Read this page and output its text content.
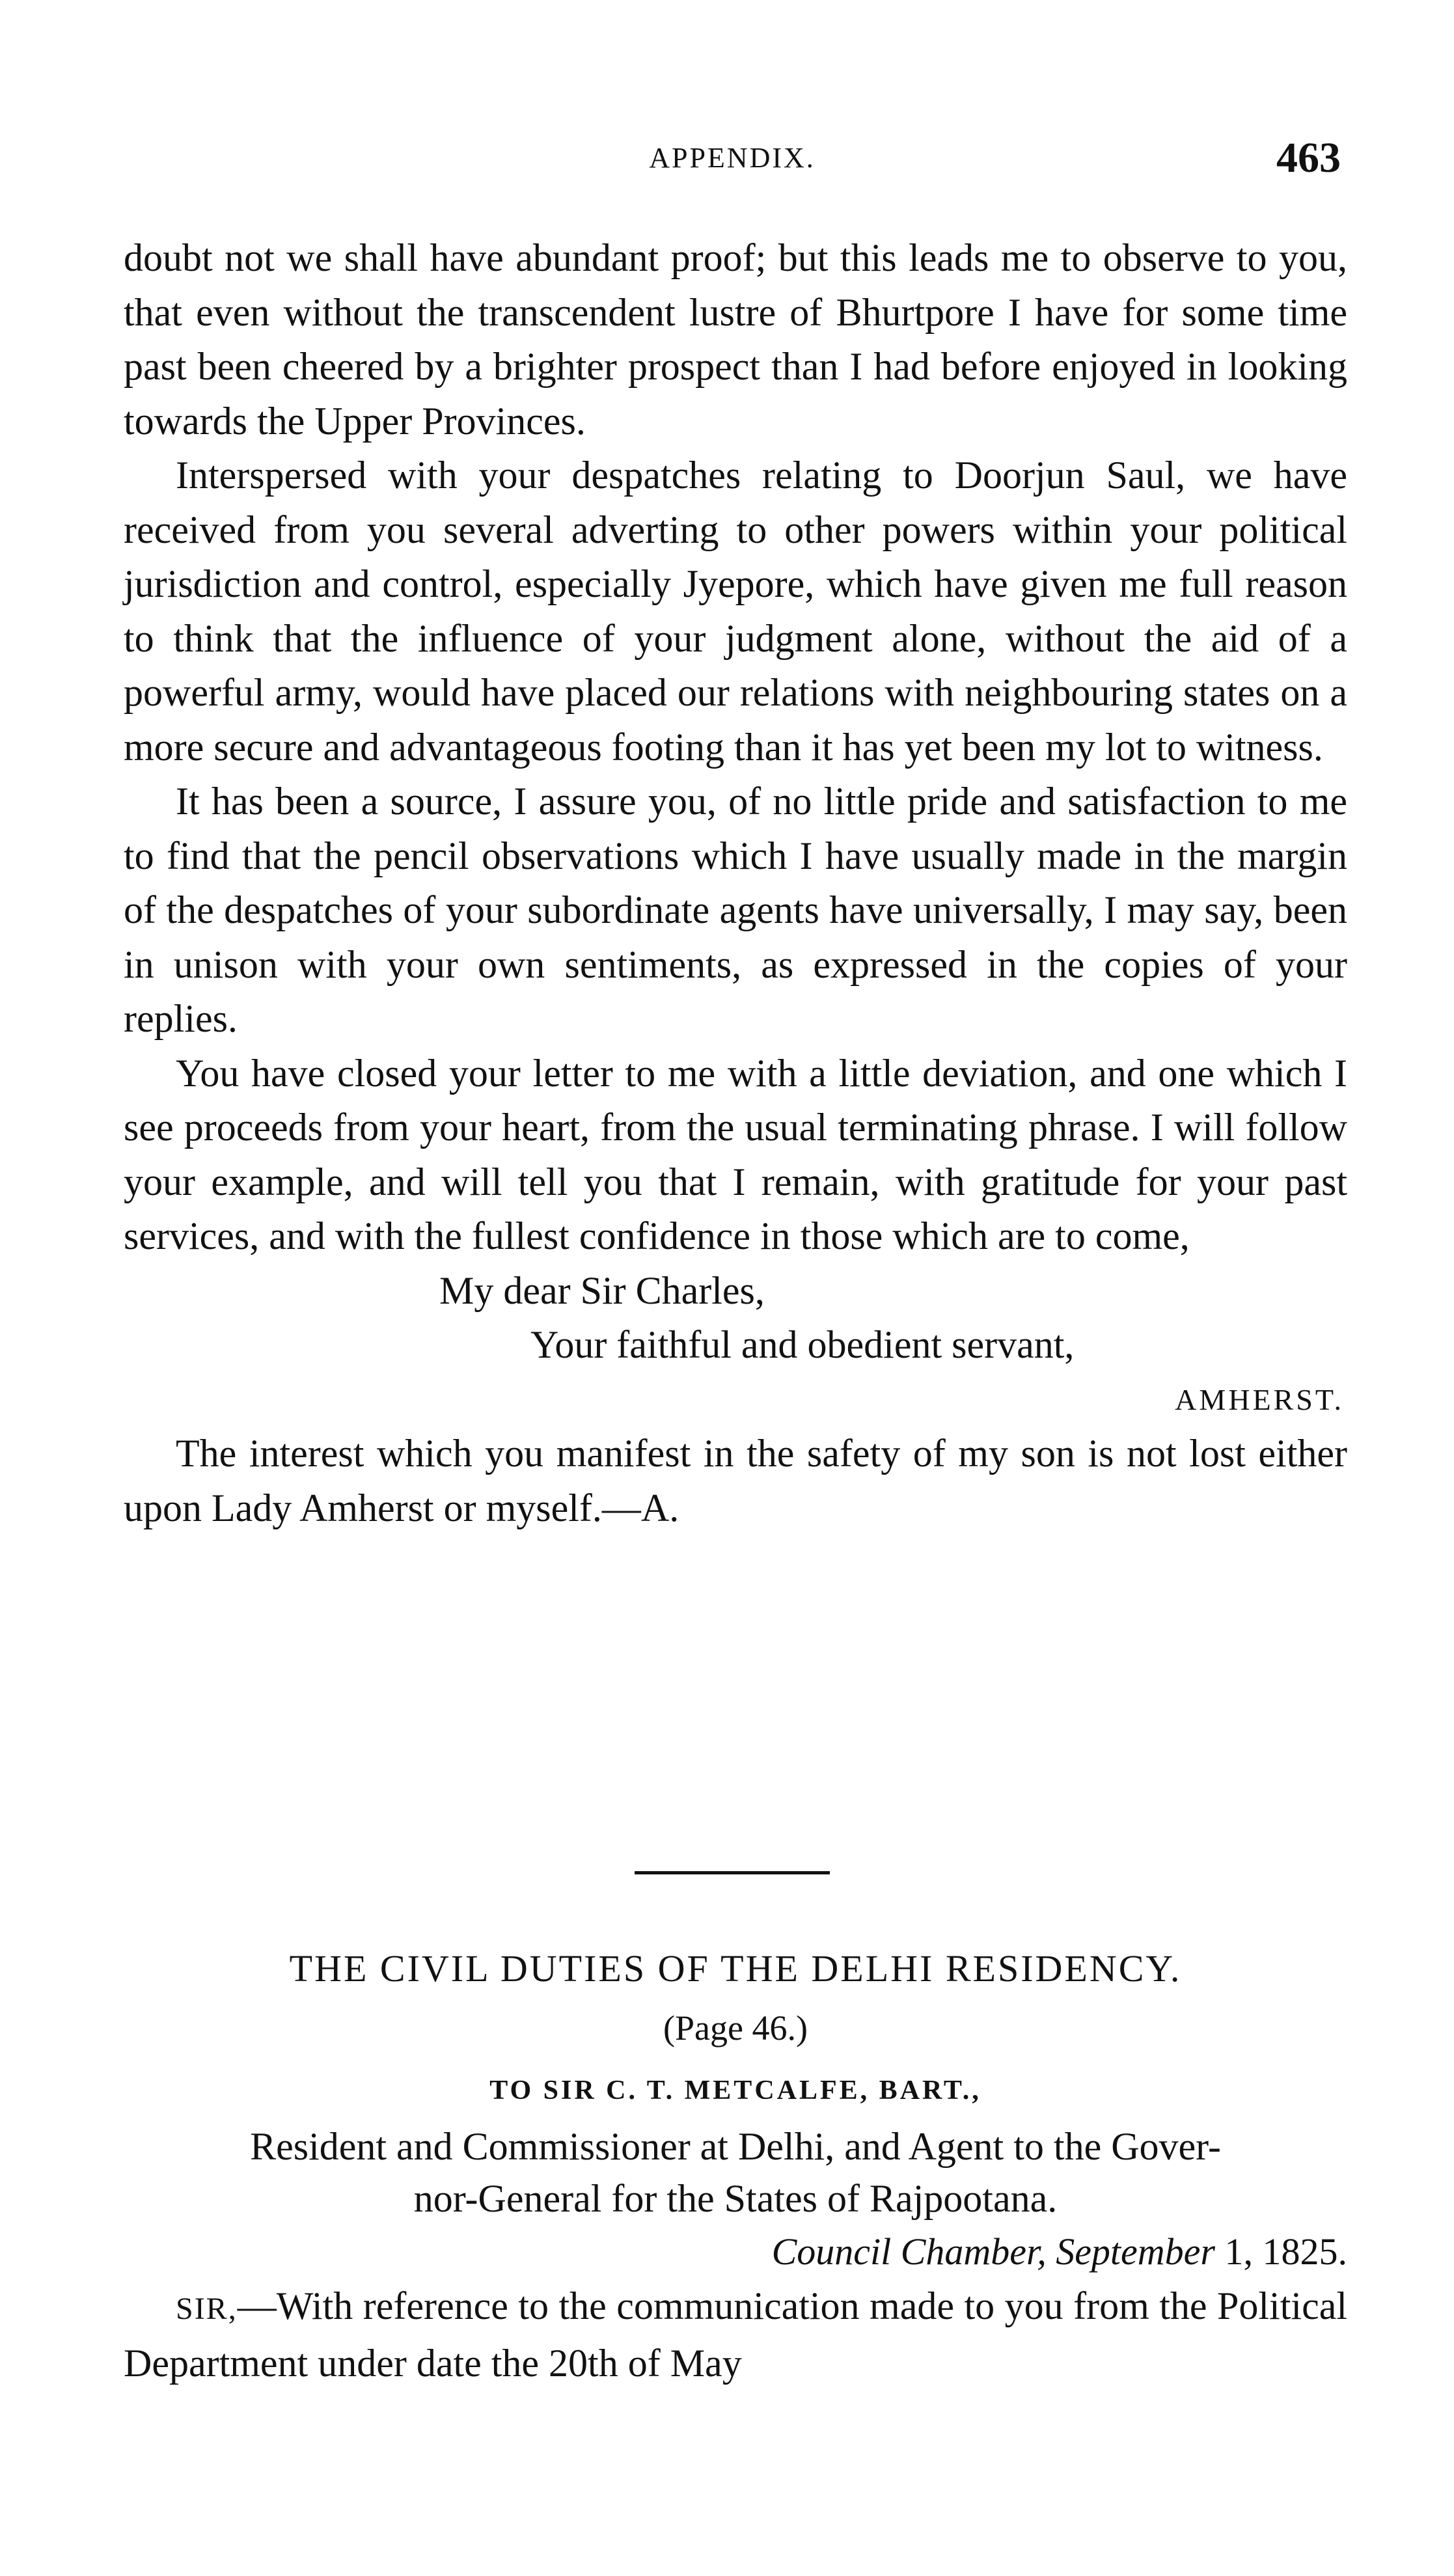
APPENDIX.	463

doubt not we shall have abundant proof; but this leads me to observe to you, that even without the transcendent lustre of Bhurtpore I have for some time past been cheered by a brighter prospect than I had before enjoyed in looking towards the Upper Provinces.

Interspersed with your despatches relating to Doorjun Saul, we have received from you several adverting to other powers within your political jurisdiction and control, especially Jyepore, which have given me full reason to think that the influence of your judgment alone, without the aid of a powerful army, would have placed our relations with neighbouring states on a more secure and advantageous footing than it has yet been my lot to witness.

It has been a source, I assure you, of no little pride and satisfaction to me to find that the pencil observations which I have usually made in the margin of the despatches of your subordinate agents have universally, I may say, been in unison with your own sentiments, as expressed in the copies of your replies.

You have closed your letter to me with a little deviation, and one which I see proceeds from your heart, from the usual terminating phrase. I will follow your example, and will tell you that I remain, with gratitude for your past services, and with the fullest confidence in those which are to come,

My dear Sir Charles,
Your faithful and obedient servant,
AMHERST.

The interest which you manifest in the safety of my son is not lost either upon Lady Amherst or myself.—A.

THE CIVIL DUTIES OF THE DELHI RESIDENCY.
(Page 46.)
TO SIR C. T. METCALFE, BART.,
Resident and Commissioner at Delhi, and Agent to the Gover-
nor-General for the States of Rajpootana.
Council Chamber, September 1, 1825.

SIR,—With reference to the communication made to you from the Political Department under date the 20th of May
